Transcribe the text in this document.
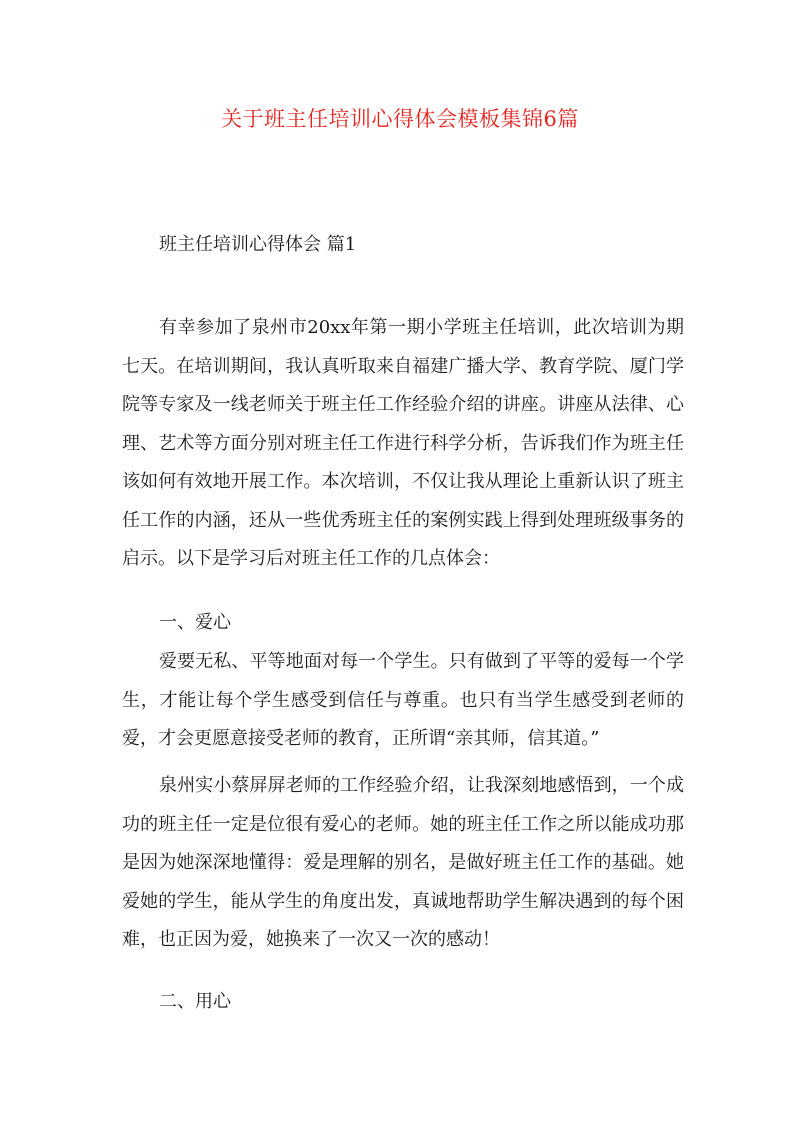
关于班主任培训心得体会模板集锦6篇
班主任培训心得体会 篇1

有幸参加了泉州市20xx年第一期小学班主任培训，此次培训为期七天。在培训期间，我认真听取来自福建广播大学、教育学院、厦门学院等专家及一线老师关于班主任工作经验介绍的讲座。讲座从法律、心理、艺术等方面分别对班主任工作进行科学分析，告诉我们作为班主任该如何有效地开展工作。本次培训，不仅让我从理论上重新认识了班主任工作的内涵，还从一些优秀班主任的案例实践上得到处理班级事务的启示。以下是学习后对班主任工作的几点体会：

一、爱心

爱要无私、平等地面对每一个学生。只有做到了平等的爱每一个学生，才能让每个学生感受到信任与尊重。也只有当学生感受到老师的爱，才会更愿意接受老师的教育，正所谓“亲其师，信其道。”

泉州实小蔡屏屏老师的工作经验介绍，让我深刻地感悟到，一个成功的班主任一定是位很有爱心的老师。她的班主任工作之所以能成功那是因为她深深地懂得：爱是理解的别名，是做好班主任工作的基础。她爱她的学生，能从学生的角度出发，真诚地帮助学生解决遇到的每个困难，也正因为爱，她换来了一次又一次的感动！

二、用心
